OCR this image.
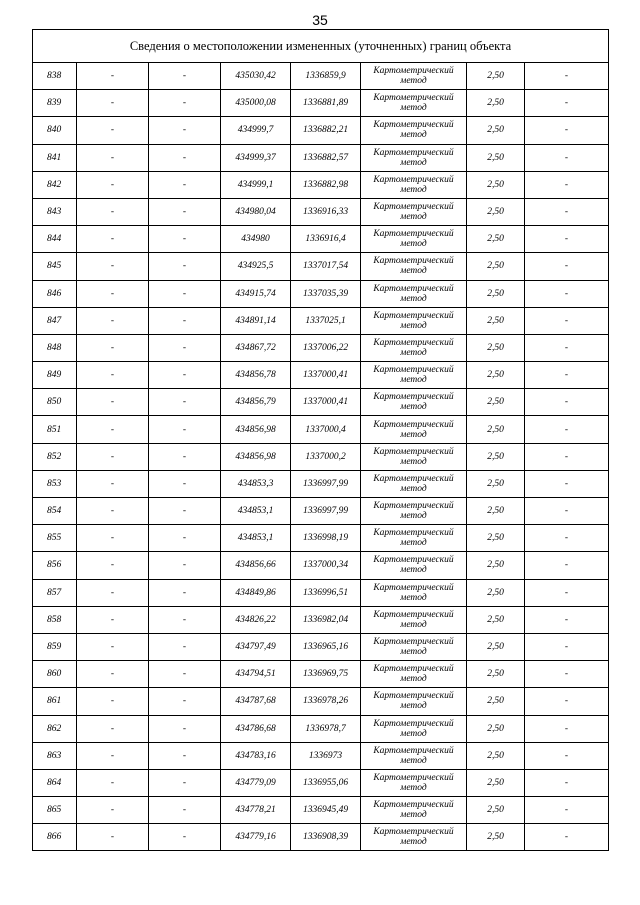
35
Сведения о местоположении измененных (уточненных) границ объекта							
838	-	-	435030,42	1336859,9	Картометрический метод	2,50	-
839	-	-	435000,08	1336881,89	Картометрический метод	2,50	-
840	-	-	434999,7	1336882,21	Картометрический метод	2,50	-
841	-	-	434999,37	1336882,57	Картометрический метод	2,50	-
842	-	-	434999,1	1336882,98	Картометрический метод	2,50	-
843	-	-	434980,04	1336916,33	Картометрический метод	2,50	-
844	-	-	434980	1336916,4	Картометрический метод	2,50	-
845	-	-	434925,5	1337017,54	Картометрический метод	2,50	-
846	-	-	434915,74	1337035,39	Картометрический метод	2,50	-
847	-	-	434891,14	1337025,1	Картометрический метод	2,50	-
848	-	-	434867,72	1337006,22	Картометрический метод	2,50	-
849	-	-	434856,78	1337000,41	Картометрический метод	2,50	-
850	-	-	434856,79	1337000,41	Картометрический метод	2,50	-
851	-	-	434856,98	1337000,4	Картометрический метод	2,50	-
852	-	-	434856,98	1337000,2	Картометрический метод	2,50	-
853	-	-	434853,3	1336997,99	Картометрический метод	2,50	-
854	-	-	434853,1	1336997,99	Картометрический метод	2,50	-
855	-	-	434853,1	1336998,19	Картометрический метод	2,50	-
856	-	-	434856,66	1337000,34	Картометрический метод	2,50	-
857	-	-	434849,86	1336996,51	Картометрический метод	2,50	-
858	-	-	434826,22	1336982,04	Картометрический метод	2,50	-
859	-	-	434797,49	1336965,16	Картометрический метод	2,50	-
860	-	-	434794,51	1336969,75	Картометрический метод	2,50	-
861	-	-	434787,68	1336978,26	Картометрический метод	2,50	-
862	-	-	434786,68	1336978,7	Картометрический метод	2,50	-
863	-	-	434783,16	1336973	Картометрический метод	2,50	-
864	-	-	434779,09	1336955,06	Картометрический метод	2,50	-
865	-	-	434778,21	1336945,49	Картометрический метод	2,50	-
866	-	-	434779,16	1336908,39	Картометрический метод	2,50	-
